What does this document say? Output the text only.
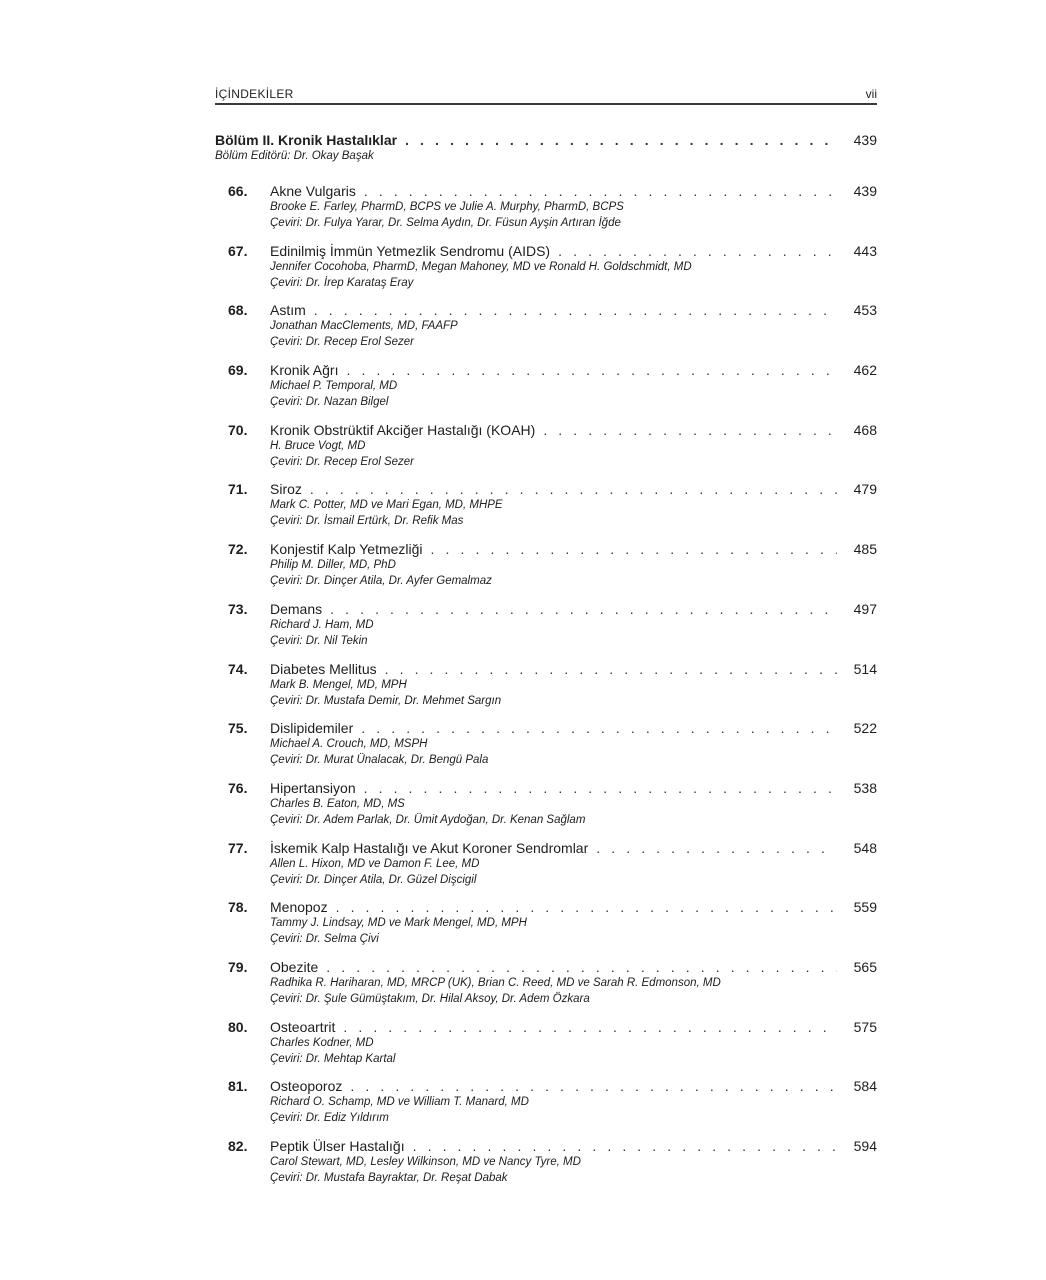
İÇİNDEKİLER	vii
Bölüm II. Kronik Hastalıklar . . .	439
Bölüm Editörü: Dr. Okay Başak
66. Akne Vulgaris . . .	439
Brooke E. Farley, PharmD, BCPS ve Julie A. Murphy, PharmD, BCPS
Çeviri: Dr. Fulya Yarar, Dr. Selma Aydın, Dr. Füsun Ayşin Artıran İğde
67. Edinilmiş İmmün Yetmezlik Sendromu (AIDS) . . .	443
Jennifer Cocohoba, PharmD, Megan Mahoney, MD ve Ronald H. Goldschmidt, MD
Çeviri: Dr. İrep Karataş Eray
68. Astım . . .	453
Jonathan MacClements, MD, FAAFP
Çeviri: Dr. Recep Erol Sezer
69. Kronik Ağrı . . .	462
Michael P. Temporal, MD
Çeviri: Dr. Nazan Bilgel
70. Kronik Obstrüktif Akciğer Hastalığı (KOAH) . . .	468
H. Bruce Vogt, MD
Çeviri: Dr. Recep Erol Sezer
71. Siroz . . .	479
Mark C. Potter, MD ve Mari Egan, MD, MHPE
Çeviri: Dr. İsmail Ertürk, Dr. Refik Mas
72. Konjestif Kalp Yetmezliği . . .	485
Philip M. Diller, MD, PhD
Çeviri: Dr. Dinçer Atila, Dr. Ayfer Gemalmaz
73. Demans . . .	497
Richard J. Ham, MD
Çeviri: Dr. Nil Tekin
74. Diabetes Mellitus . . .	514
Mark B. Mengel, MD, MPH
Çeviri: Dr. Mustafa Demir, Dr. Mehmet Sargın
75. Dislipidemiler . . .	522
Michael A. Crouch, MD, MSPH
Çeviri: Dr. Murat Ünalacak, Dr. Bengü Pala
76. Hipertansiyon . . .	538
Charles B. Eaton, MD, MS
Çeviri: Dr. Adem Parlak, Dr. Ümit Aydoğan, Dr. Kenan Sağlam
77. İskemik Kalp Hastalığı ve Akut Koroner Sendromlar . . .	548
Allen L. Hixon, MD ve Damon F. Lee, MD
Çeviri: Dr. Dinçer Atila, Dr. Güzel Dişcigil
78. Menopoz . . .	559
Tammy J. Lindsay, MD ve Mark Mengel, MD, MPH
Çeviri: Dr. Selma Çivi
79. Obezite . . .	565
Radhika R. Hariharan, MD, MRCP (UK), Brian C. Reed, MD ve Sarah R. Edmonson, MD
Çeviri: Dr. Şule Gümüştakım, Dr. Hilal Aksoy, Dr. Adem Özkara
80. Osteoartrit . . .	575
Charles Kodner, MD
Çeviri: Dr. Mehtap Kartal
81. Osteoporoz . . .	584
Richard O. Schamp, MD ve William T. Manard, MD
Çeviri: Dr. Ediz Yıldırım
82. Peptik Ülser Hastalığı . . .	594
Carol Stewart, MD, Lesley Wilkinson, MD ve Nancy Tyre, MD
Çeviri: Dr. Mustafa Bayraktar, Dr. Reşat Dabak
